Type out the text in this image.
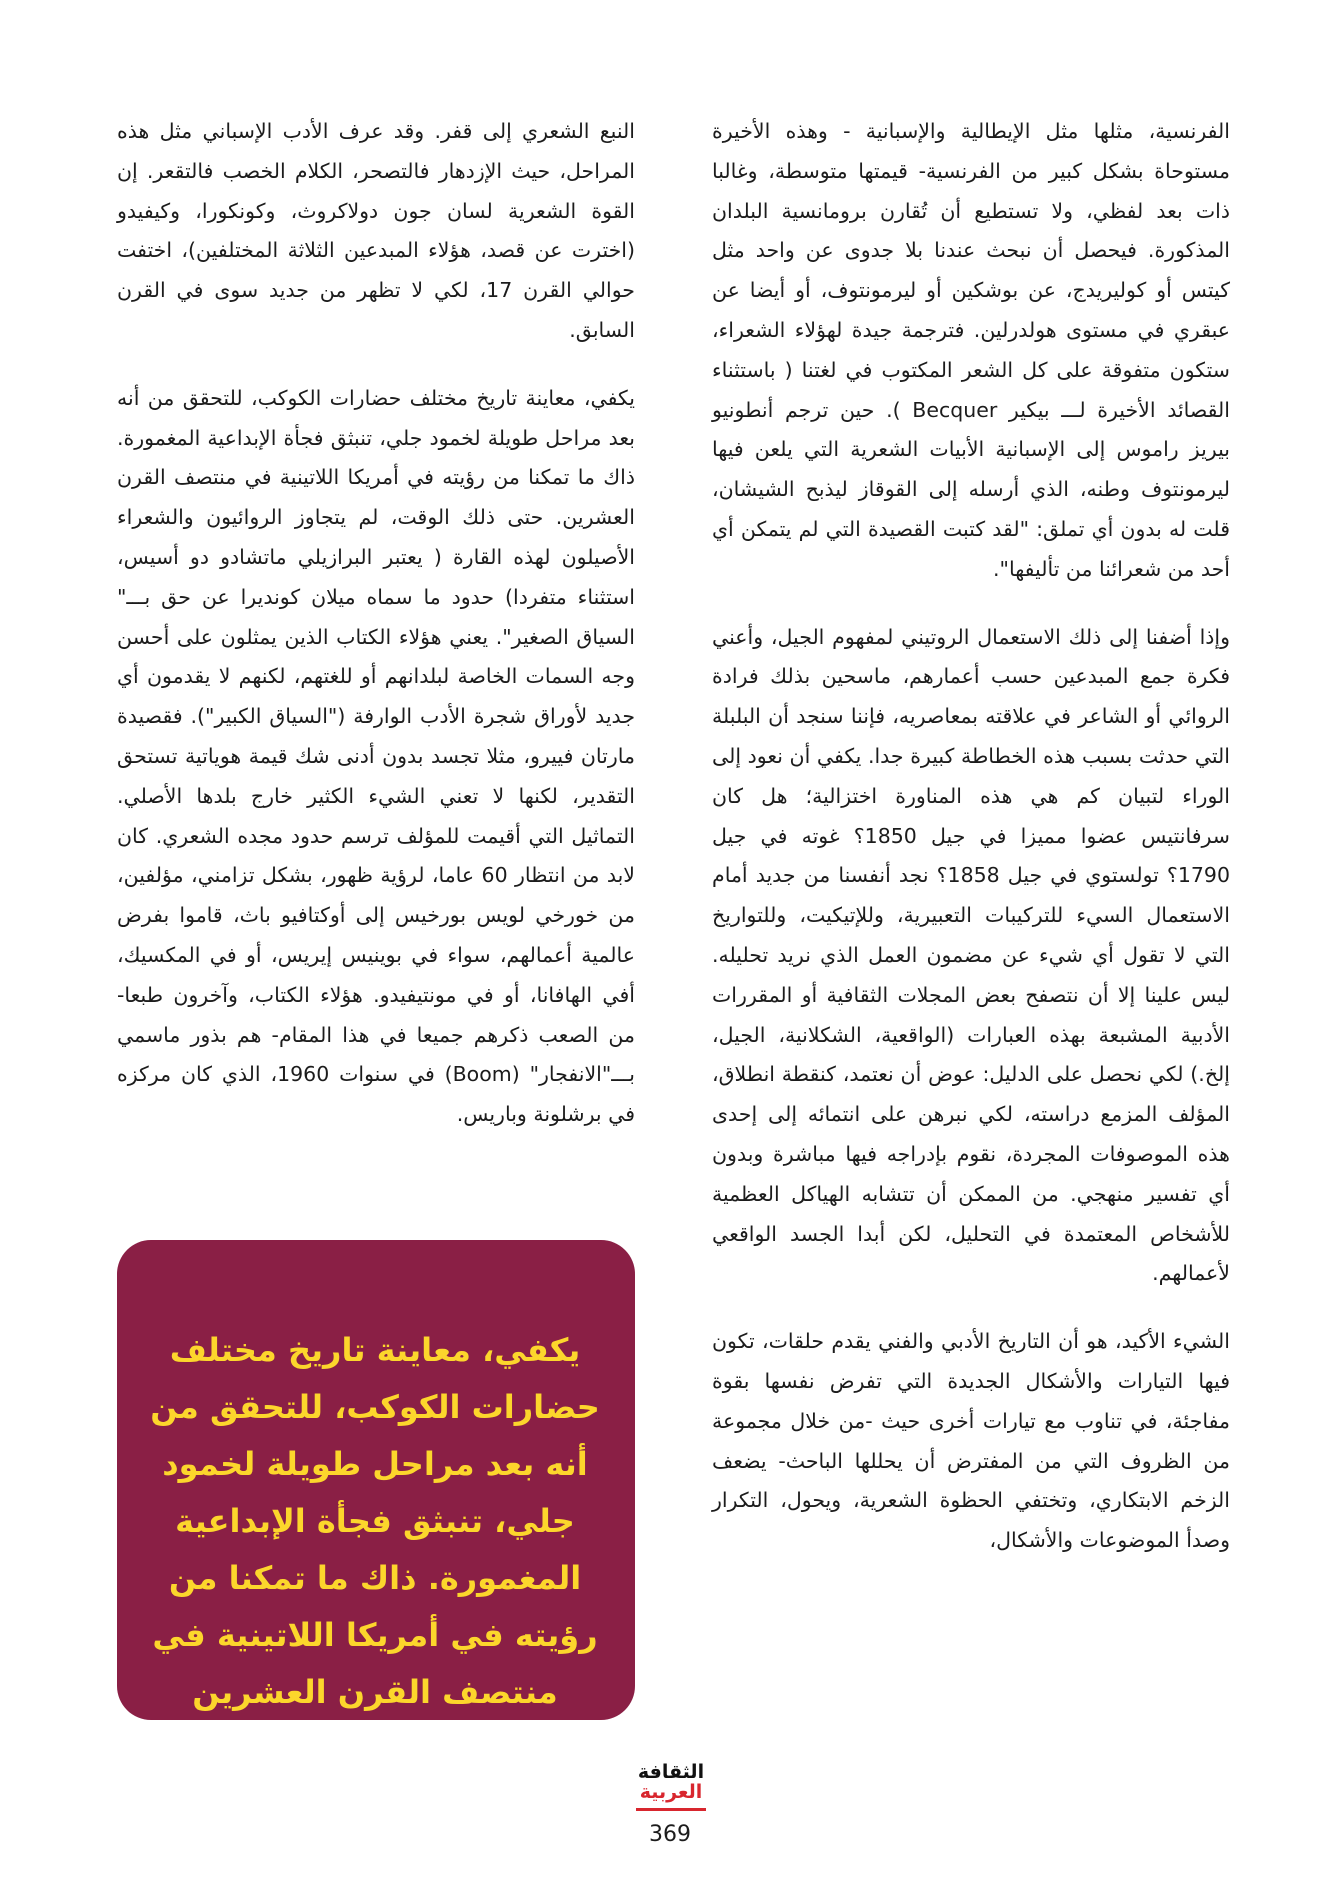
الفرنسية، مثلها مثل الإيطالية والإسبانية - وهذه الأخيرة مستوحاة بشكل كبير من الفرنسية- قيمتها متوسطة، وغالبا ذات بعد لفظي، ولا تستطيع أن تُقارن برومانسية البلدان المذكورة. فيحصل أن نبحث عندنا بلا جدوى عن واحد مثل كيتس أو كوليريدج، عن بوشكين أو ليرمونتوف، أو أيضا عن عبقري في مستوى هولدرلين. فترجمة جيدة لهؤلاء الشعراء، ستكون متفوقة على كل الشعر المكتوب في لغتنا ( باستثناء القصائد الأخيرة لـــ بيكير Becquer ). حين ترجم أنطونيو بيريز راموس إلى الإسبانية الأبيات الشعرية التي يلعن فيها ليرمونتوف وطنه، الذي أرسله إلى القوقاز ليذبح الشيشان، قلت له بدون أي تملق: "لقد كتبت القصيدة التي لم يتمكن أي أحد من شعرائنا من تأليفها".

وإذا أضفنا إلى ذلك الاستعمال الروتيني لمفهوم الجيل، وأعني فكرة جمع المبدعين حسب أعمارهم، ماسحين بذلك فرادة الروائي أو الشاعر في علاقته بمعاصريه، فإننا سنجد أن البلبلة التي حدثت بسبب هذه الخطاطة كبيرة جدا. يكفي أن نعود إلى الوراء لتبيان كم هي هذه المناورة اختزالية؛ هل كان سرفانتيس عضوا مميزا في جيل 1850؟ غوته في جيل 1790؟ تولستوي في جيل 1858؟ نجد أنفسنا من جديد أمام الاستعمال السيء للتركيبات التعبيرية، وللإتيكيت، وللتواريخ التي لا تقول أي شيء عن مضمون العمل الذي نريد تحليله. ليس علينا إلا أن نتصفح بعض المجلات الثقافية أو المقررات الأدبية المشبعة بهذه العبارات (الواقعية، الشكلانية، الجيل، إلخ.) لكي نحصل على الدليل: عوض أن نعتمد، كنقطة انطلاق، المؤلف المزمع دراسته، لكي نبرهن على انتمائه إلى إحدى هذه الموصوفات المجردة، نقوم بإدراجه فيها مباشرة وبدون أي تفسير منهجي. من الممكن أن تتشابه الهياكل العظمية للأشخاص المعتمدة في التحليل، لكن أبدا الجسد الواقعي لأعمالهم.

الشيء الأكيد، هو أن التاريخ الأدبي والفني يقدم حلقات، تكون فيها التيارات والأشكال الجديدة التي تفرض نفسها بقوة مفاجئة، في تناوب مع تيارات أخرى حيث -من خلال مجموعة من الظروف التي من المفترض أن يحللها الباحث- يضعف الزخم الابتكاري، وتختفي الحظوة الشعرية، ويحول، التكرار وصدأ الموضوعات والأشكال،

النبع الشعري إلى قفر. وقد عرف الأدب الإسباني مثل هذه المراحل، حيث الإزدهار فالتصحر، الكلام الخصب فالتقعر. إن القوة الشعرية لسان جون دولاكروث، وكونكورا، وكيفيدو (اخترت عن قصد، هؤلاء المبدعين الثلاثة المختلفين)، اختفت حوالي القرن 17، لكي لا تظهر من جديد سوى في القرن السابق.

يكفي، معاينة تاريخ مختلف حضارات الكوكب، للتحقق من أنه بعد مراحل طويلة لخمود جلي، تنبثق فجأة الإبداعية المغمورة. ذاك ما تمكنا من رؤيته في أمريكا اللاتينية في منتصف القرن العشرين. حتى ذلك الوقت، لم يتجاوز الروائيون والشعراء الأصيلون لهذه القارة ( يعتبر البرازيلي ماتشادو دو أسيس، استثناء متفردا) حدود ما سماه ميلان كونديرا عن حق بـــ" السياق الصغير". يعني هؤلاء الكتاب الذين يمثلون على أحسن وجه السمات الخاصة لبلدانهم أو للغتهم، لكنهم لا يقدمون أي جديد لأوراق شجرة الأدب الوارفة ("السياق الكبير"). فقصيدة مارتان فييرو، مثلا تجسد بدون أدنى شك قيمة هوياتية تستحق التقدير، لكنها لا تعني الشيء الكثير خارج بلدها الأصلي. التماثيل التي أقيمت للمؤلف ترسم حدود مجده الشعري. كان لابد من انتظار 60 عاما، لرؤية ظهور، بشكل تزامني، مؤلفين، من خورخي لويس بورخيس إلى أوكتافيو باث، قاموا بفرض عالمية أعمالهم، سواء في بوينيس إيريس، أو في المكسيك، أفي الهافانا، أو في مونتيفيدو. هؤلاء الكتاب، وآخرون طبعا- من الصعب ذكرهم جميعا في هذا المقام- هم بذور ماسمي بـــ"الانفجار" (Boom) في سنوات 1960، الذي كان مركزه في برشلونة وباريس.

يكفي، معاينة تاريخ مختلف حضارات الكوكب، للتحقق من أنه بعد مراحل طويلة لخمود جلي، تنبثق فجأة الإبداعية المغمورة. ذاك ما تمكنا من رؤيته في أمريكا اللاتينية في منتصف القرن العشرين
الثقافة
العربية
369
